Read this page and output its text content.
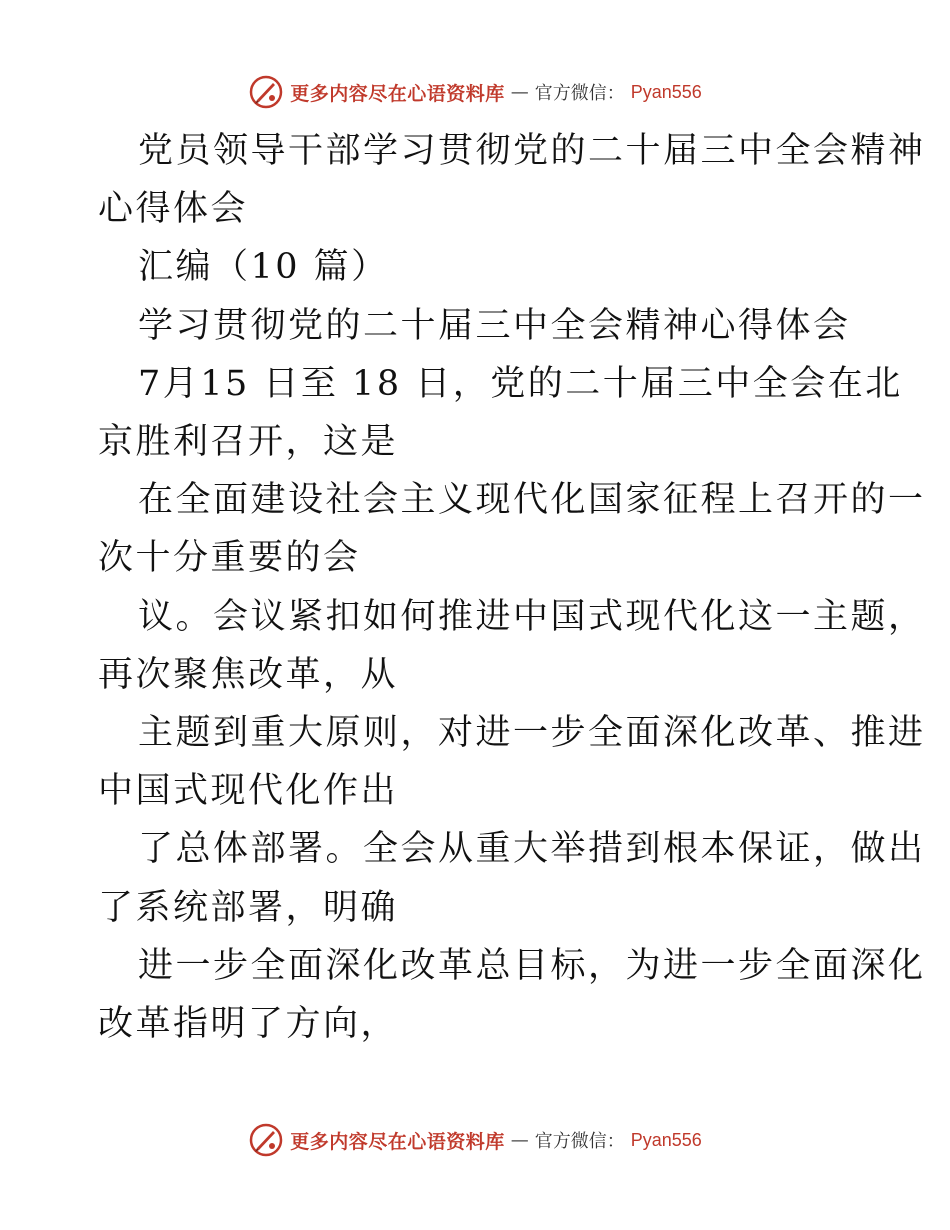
更多内容尽在心语资料库 — 官方微信： Pyan556
党员领导干部学习贯彻党的二十届三中全会精神
心得体会
汇编（10 篇）
学习贯彻党的二十届三中全会精神心得体会
7月15 日至 18 日，党的二十届三中全会在北
京胜利召开，这是
在全面建设社会主义现代化国家征程上召开的一
次十分重要的会
议。会议紧扣如何推进中国式现代化这一主题，
再次聚焦改革，从
主题到重大原则，对进一步全面深化改革、推进
中国式现代化作出
了总体部署。全会从重大举措到根本保证，做出
了系统部署，明确
进一步全面深化改革总目标，为进一步全面深化
改革指明了方向，
更多内容尽在心语资料库 — 官方微信： Pyan556
